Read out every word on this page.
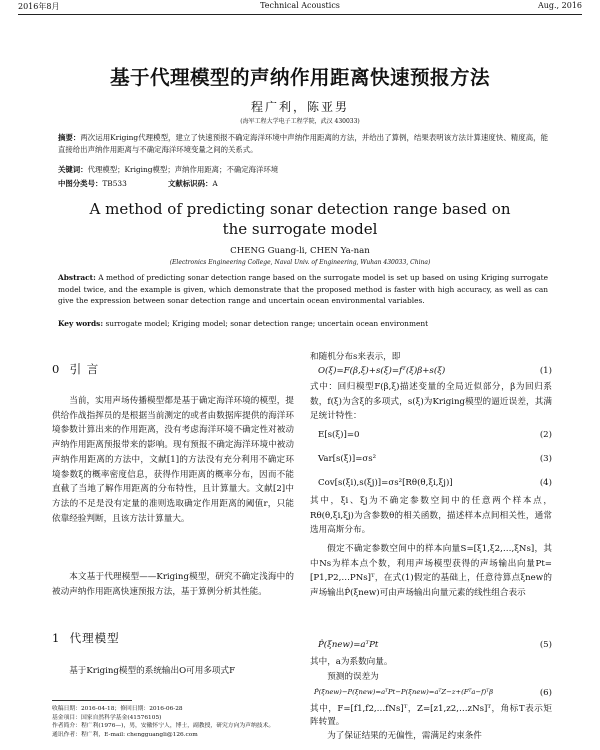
2016年8月	Technical Acoustics	Aug., 2016
基于代理模型的声纳作用距离快速预报方法
程广利，陈亚男
(海军工程大学电子工程学院，武汉 430033)
摘要：两次运用Kriging代理模型，建立了快速预报不确定海洋环境中声纳作用距离的方法，并给出了算例，结果表明该方法计算速度快、精度高，能直接给出声纳作用距离与不确定海洋环境变量之间的关系式。
关键词：代理模型；Kriging模型；声纳作用距离；不确定海洋环境
中图分类号：TB533	文献标识码：A
A method of predicting sonar detection range based on
the surrogate model
CHENG Guang-li, CHEN Ya-nan
(Electronics Engineering College, Naval Univ. of Engineering, Wuhan 430033, China)
Abstract: A method of predicting sonar detection range based on the surrogate model is set up based on using Kriging surrogate model twice, and the example is given, which demonstrate that the proposed method is faster with high accuracy, as well as can give the expression between sonar detection range and uncertain ocean environmental variables.
Key words: surrogate model; Kriging model; sonar detection range; uncertain ocean environment
0 引 言
当前，实用声场传播模型都是基于确定海洋环境的模型，提供给作战指挥员的是根据当前测定的或者由数据库提供的海洋环境参数计算出来的作用距离，没有考虑海洋环境不确定性对被动声纳作用距离预报带来的影响。现有预报不确定海洋环境中被动声纳作用距离的方法中，文献[1]的方法没有充分利用不确定环境参数ξ的概率密度信息，获得作用距离的概率分布，因而不能直截了当地了解作用距离的分布特性，且计算量大。文献[2]中方法的不足是没有定量的准则选取确定作用距离的阈值r，只能依靠经验判断，且该方法计算量大。
本文基于代理模型——Kriging模型，研究不确定浅海中的被动声纳作用距离快速预报方法，基于算例分析其性能。
1 代理模型
基于Kriging模型的系统输出O可用多项式F
收稿日期：2016-04-18；修回日期：2016-06-28
基金项目：国家自然科学基金(41576105)
作者简介：程广利(1976—)，男，安徽怀宁人，博士，副教授，研究方向为声纳技术。
通讯作者：程广利，E-mail: chengguangli@126.com
和随机分布s来表示，即
O(ξ)=F(β,ξ)+s(ξ)=fᵀ(ξ)β+s(ξ)	(1)
式中：回归模型F(β,ξ)描述变量的全局近似部分，β为回归系数，f(ξ)为含ξ的多项式，s(ξ)为Kriging模型的逼近误差，其满足统计特性：
E[s(ξ)]=0	(2)
Var[s(ξ)]=σs²	(3)
Cov[s(ξi),s(ξj)]=σs²[Rθ(θ,ξi,ξj)]	(4)
其中，ξi、ξj为不确定参数空间中的任意两个样本点，Rθ(θ,ξi,ξj)为含参数θ的相关函数，描述样本点间相关性，通常选用高斯分布。
假定不确定参数空间中的样本向量S=[ξ1,ξ2,…,ξNs]，其中Ns为样本点个数，利用声场模型获得的声场输出向量Pt=[P1,P2,…PNs]ᵀ，在式(1)假定的基础上，任意待算点ξnew的声场输出P̂(ξnew)可由声场输出向量元素的线性组合表示
P̂(ξnew)=aᵀPt	(5)
其中，a为系数向量。
预测的误差为
P̂(ξnew)−P(ξnew)=aᵀPt−P(ξnew)=aᵀZ−z+(Fᵀa−f)ᵀβ	(6)
其中，F=[f1,f2,…fNs]ᵀ，Z=[z1,z2,…zNs]ᵀ，角标T表示矩阵转置。
为了保证结果的无偏性，需满足约束条件
